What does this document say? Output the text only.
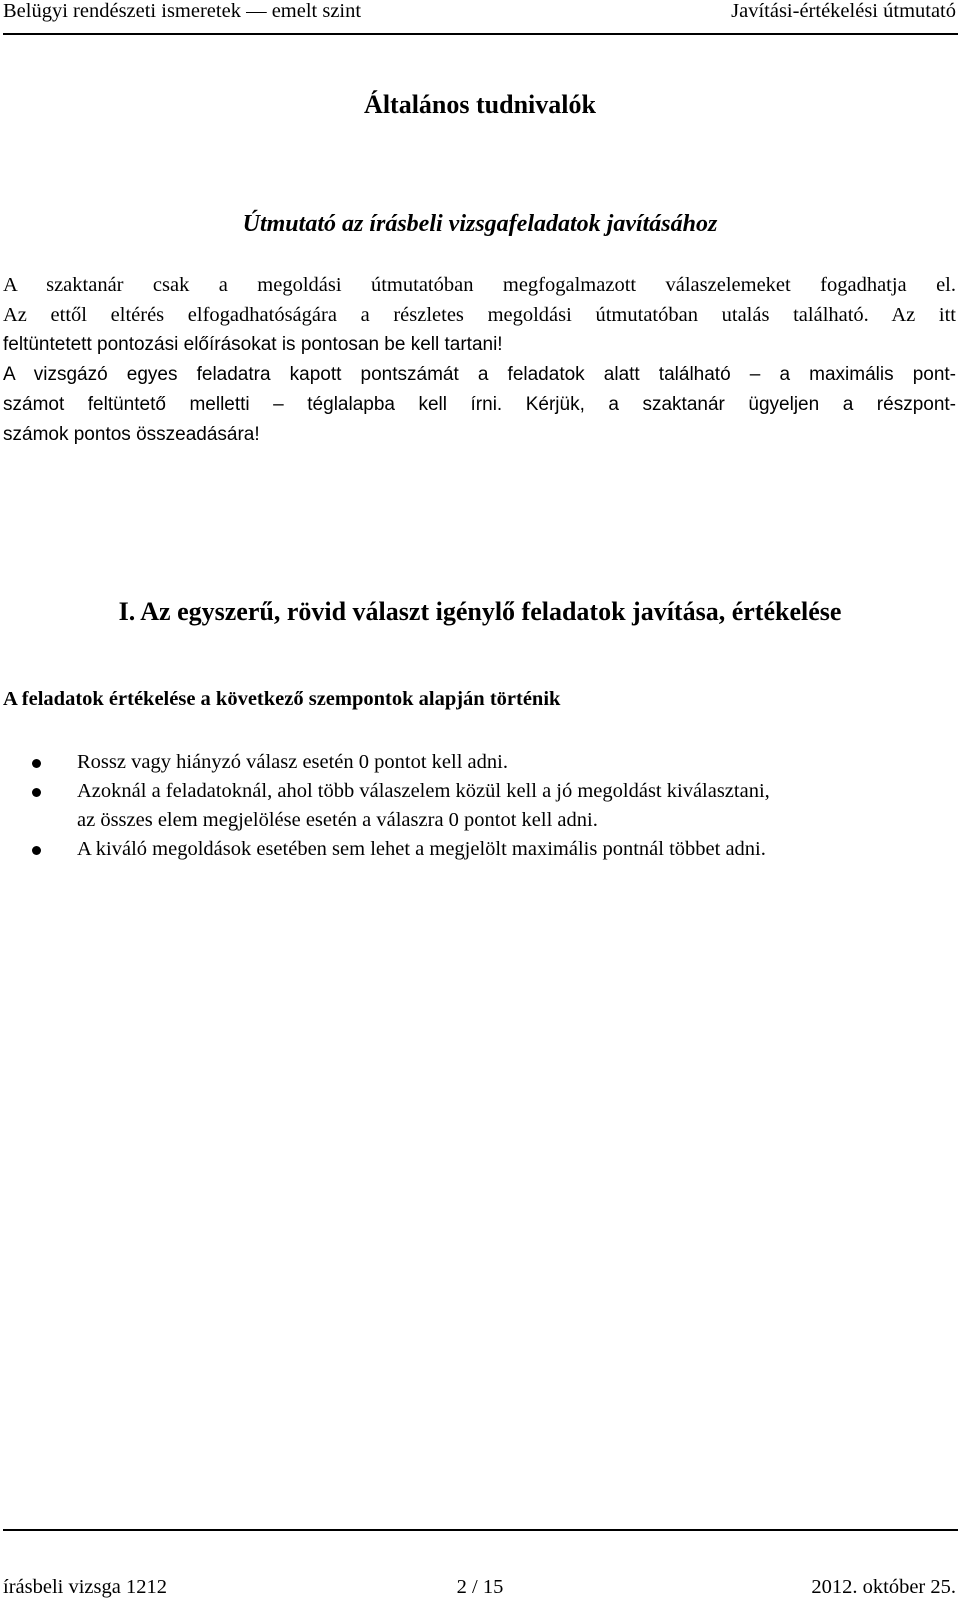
Belügyi rendészeti ismeretek — emelt szint	Javítási-értékelési útmutató
Általános tudnivalók
Útmutató az írásbeli vizsgafeladatok javításához

A szaktanár csak a megoldási útmutatóban megfogalmazott válaszelemeket fogadhatja el.

Az ettől eltérés elfogadhatóságára a részletes megoldási útmutatóban utalás található. Az itt

feltüntetett pontozási előírásokat is pontosan be kell tartani!

A vizsgázó egyes feladatra kapott pontszámát a feladatok alatt található – a maximális pont-

számot feltüntető melletti – téglalapba kell írni. Kérjük, a szaktanár ügyeljen a részpont-

számok pontos összeadására!

I. Az egyszerű, rövid választ igénylő feladatok javítása, értékelése
A feladatok értékelése a következő szempontok alapján történik
Rossz vagy hiányzó válasz esetén 0 pontot kell adni.
Azoknál a feladatoknál, ahol több válaszelem közül kell a jó megoldást kiválasztani,
az összes elem megjelölése esetén a válaszra 0 pontot kell adni.
A kiváló megoldások esetében sem lehet a megjelölt maximális pontnál többet adni.
írásbeli vizsga 1212	2 / 15	2012. október 25.
